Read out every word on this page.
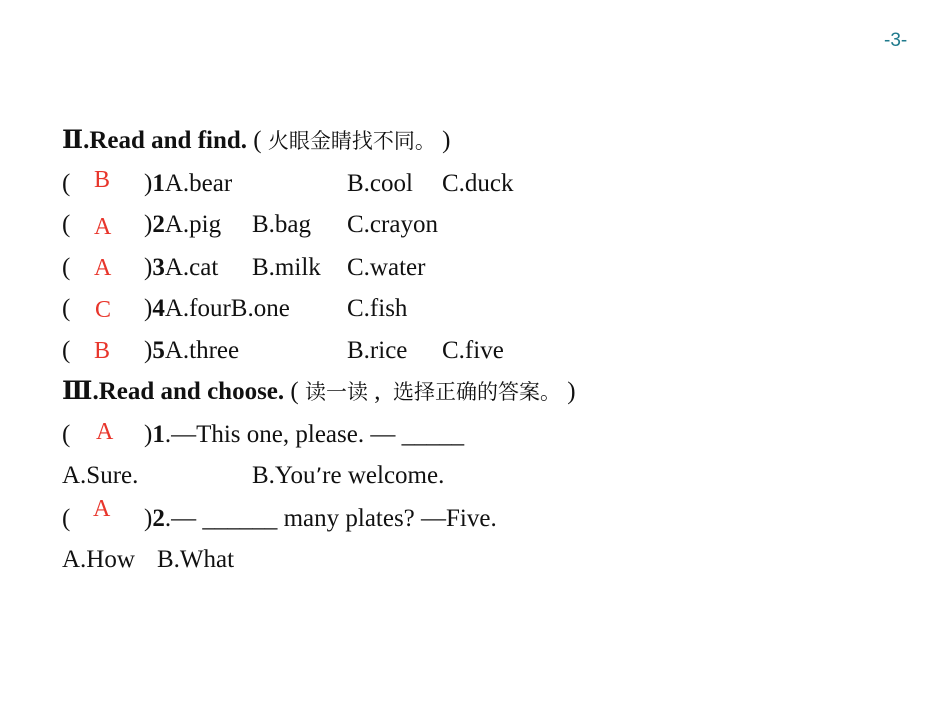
-3-
Ⅱ.Read and find. ( 火眼金睛找不同。 )
( B )1A.bear	B.cool C.duck
( A )2A.pig B.bag C.crayon
( A )3A.cat B.milk C.water
( C )4A.fourB.one C.fish
( B )5A.three	B.rice C.five
Ⅲ.Read and choose. ( 读一读 ,  选择正确的答案。 )
( A )1.—This one, please. — _____
A.Sure.	B.You’re welcome.
( A )2.— ______ many plates? —Five.
A.How B.What
